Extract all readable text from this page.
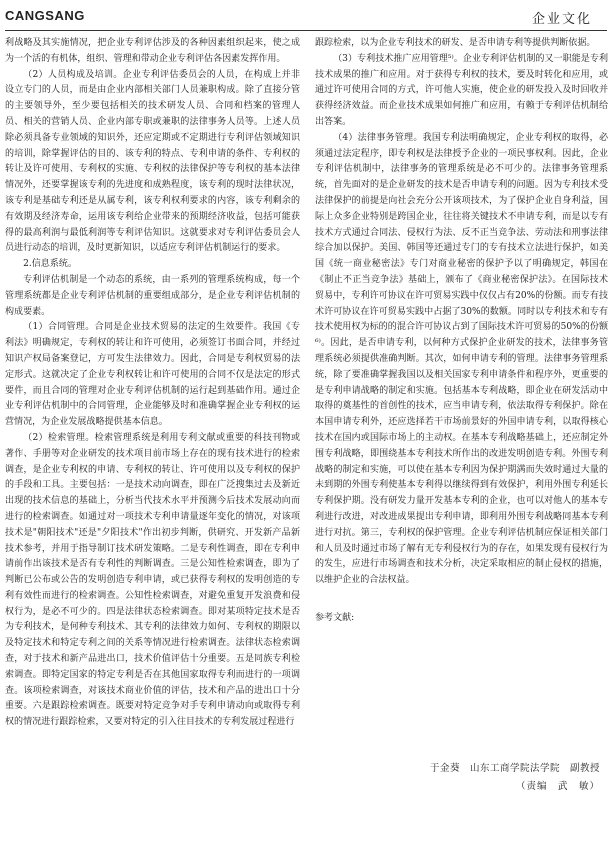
CANGSANG	企业文化

利战略及其实施情况，把企业专利评估涉及的各种因素组织起来，使之成为一个活的有机体，组织、管理和带动企业专利评估各因素发挥作用。

（2）人员构成及培训。企业专利评估委员会的人员，在构成上并非设立专门的人员，而是由企业内部相关部门人员兼职构成。除了直接分管的主要领导外，至少要包括相关的技术研发人员、合同和档案的管理人员、相关的营销人员、企业内部专职或兼职的法律事务人员等。上述人员除必须具备专业领域的知识外，还应定期或不定期进行专利评估领域知识的培训，除掌握评估的目的、该专利的特点、专利申请的条件、专利权的转让及许可使用、专利权的实施、专利权的法律保护等专利权的基本法律情况外，还要掌握该专利的先进度和成熟程度，该专利的现时法律状况，该专利是基础专利还是从属专利，该专利权利要求的内容，该专利剩余的有效期及经济寿命，运用该专利给企业带来的预期经济收益，包括可能获得的最高利润与最低利润等专利评估知识。这就要求对专利评估委员会人员进行动态的培训，及时更新知识，以适应专利评估机制运行的要求。

2.信息系统。

专利评估机制是一个动态的系统，由一系列的管理系统构成，每一个管理系统都是企业专利评估机制的重要组成部分，是企业专利评估机制的构成要素。

（1）合同管理。合同是企业技术贸易的法定的生效要件。我国《专利法》明确规定，专利权的转让和许可使用，必须签订书面合同，并经过知识产权局备案登记，方可发生法律效力。因此，合同是专利权贸易的法定形式。这就决定了企业专利权转让和许可使用的合同不仅是法定的形式要件，而且合同的管理对企业专利评估机制的运行起到基础作用。通过企业专利评估机制中的合同管理，企业能够及时和准确掌握企业专利权的运营情况，为企业发展战略提供基本信息。

（2）检索管理。检索管理系统是利用专利文献或重要的科技刊物或著作、手册等对企业研发的技术项目前市场上存在的现有技术进行的检索调查，是企业专利权的申请、专利权的转让、许可使用以及专利权的保护的手段和工具。主要包括：一是技术动向调查，即在广泛搜集过去及新近出现的技术信息的基础上，分析当代技术水平并预测今后技术发展动向而进行的检索调查。如通过对一项技术专利申请量逐年变化的情况，对该项技术是"朝阳技术"还是"夕阳技术"作出初步判断，供研究、开发新产品新技术参考，并用于指导制订技术研发策略。二是专利性调查，即在专利申请前作出该技术是否有专利性的判断调查。三是公知性检索调查，即为了判断已公布或公告的发明创造专利申请，或已获得专利权的发明创造的专利有效性而进行的检索调查。公知性检索调查，对避免重复开发浪费和侵权行为，是必不可少的。四是法律状态检索调查。即对某项特定技术是否为专利技术，是何种专利技术、其专利的法律效力如何、专利权的期限以及特定技术和特定专利之间的关系等情况进行检索调查。法律状态检索调查，对于技术和新产品进出口，技术价值评估十分重要。五是同族专利检索调查。即特定国家的特定专利是否在其他国家取得专利而进行的一项调查。该项检索调查，对该技术商业价值的评估，技术和产品的进出口十分重要。六是跟踪检索调查。既要对特定竞争对手专利申请动向或取得专利权的情况进行跟踪检索，又要对特定的引入往目技术的专利发展过程进行

跟踪检索，以为企业专利技术的研发、是否申请专利等提供判断依据。

（3）专利技术推广应用管理⁵⁾。企业专利评估机制的又一职能是专利技术成果的推广和应用。对于获得专利权的技术，要及时转化和应用，或通过许可使用合同的方式，许可他人实施，使企业的研发投入及时回收并获得经济效益。而企业技术成果如何推广和应用，有赖于专利评估机制给出答案。

（4）法律事务管理。我国专利法明确规定，企业专利权的取得，必须通过法定程序，即专利权是法律授予企业的一项民事权利。因此，企业专利评估机制中，法律事务的管理系统是必不可少的。法律事务管理系统，首先面对的是企业研发的技术是否申请专利的问题。因为专利技术受法律保护的前提是向社会充分公开该项技术，为了保护企业自身利益，国际上众多企业特别是跨国企业，往往将关键技术不申请专利，而是以专有技术方式通过合同法、侵权行为法、反不正当竞争法、劳动法和刑事法律综合加以保护。美国、韩国等还通过专门的专有技术立法进行保护，如美国《统一商业秘密法》专门对商业秘密的保护予以了明确规定，韩国在《制止不正当竞争法》基础上，颁布了《商业秘密保护法》。在国际技术贸易中，专利许可协议在许可贸易实践中仅仅占有20%的份额。而专有技术许可协议在许可贸易实践中占据了30%的数额。同时以专利技术和专有技术使用权为标的的混合许可协议占到了国际技术许可贸易的50%的份额⁶⁾。因此，是否申请专利，以何种方式保护企业研发的技术，法律事务管理系统必须提供准确判断。其次，如何申请专利的管理。法律事务管理系统，除了要准确掌握我国以及相关国家专利申请条件和程序外，更重要的是专利申请战略的制定和实施。包括基本专利战略，即企业在研发活动中取得的奠基性的首创性的技术，应当申请专利，依法取得专利保护。除在本国申请专利外，还应选择若干市场前景好的外国申请专利，以取得核心技术在国内或国际市场上的主动权。在基本专利战略基础上，还应制定外围专利战略，即围绕基本专利技术所作出的改进发明创造专利。外围专利战略的制定和实施，可以使在基本专利因为保护期满而失效时通过大量的未到期的外围专利使基本专利得以继续得到有效保护，利用外围专利延长专利保护期。没有研发力量开发基本专利的企业，也可以对他人的基本专利进行改进，对改进成果提出专利申请，即利用外围专利战略同基本专利进行对抗。第三，专利权的保护管理。企业专利评估机制应保证相关部门和人员及时通过市场了解有无专利侵权行为的存在，如果发现有侵权行为的发生，应进行市场调查和技术分析，决定采取相应的制止侵权的措施，以维护企业的合法权益。

参考文献:

于金葵　山东工商学院法学院　副教授
（责编　武　敏）
